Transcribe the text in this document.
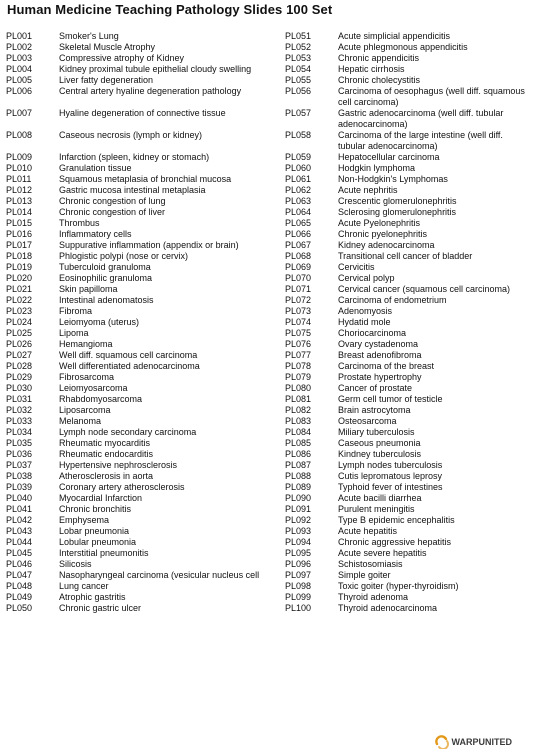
Human Medicine Teaching Pathology Slides 100 Set
PL001	Smoker's Lung
PL002	Skeletal Muscle Atrophy
PL003	Compressive atrophy of Kidney
PL004	Kidney proximal tubule epithelial cloudy swelling
PL005	Liver fatty degeneration
PL006	Central artery hyaline degeneration pathology
PL007	Hyaline degeneration of connective tissue
PL008	Caseous necrosis (lymph or kidney)
PL009	Infarction (spleen, kidney or stomach)
PL010	Granulation tissue
PL011	Squamous metaplasia of bronchial mucosa
PL012	Gastric mucosa intestinal metaplasia
PL013	Chronic congestion of lung
PL014	Chronic congestion of liver
PL015	Thrombus
PL016	Inflammatory cells
PL017	Suppurative inflammation (appendix or brain)
PL018	Phlogistic polypi (nose or cervix)
PL019	Tuberculoid granuloma
PL020	Eosinophilic granuloma
PL021	Skin papilloma
PL022	Intestinal adenomatosis
PL023	Fibroma
PL024	Leiomyoma (uterus)
PL025	Lipoma
PL026	Hemangioma
PL027	Well diff. squamous cell carcinoma
PL028	Well differentiated adenocarcinoma
PL029	Fibrosarcoma
PL030	Leiomyosarcoma
PL031	Rhabdomyosarcoma
PL032	Liposarcoma
PL033	Melanoma
PL034	Lymph node secondary carcinoma
PL035	Rheumatic myocarditis
PL036	Rheumatic endocarditis
PL037	Hypertensive nephrosclerosis
PL038	Atherosclerosis in aorta
PL039	Coronary artery atherosclerosis
PL040	Myocardial Infarction
PL041	Chronic bronchitis
PL042	Emphysema
PL043	Lobar pneumonia
PL044	Lobular pneumonia
PL045	Interstitial pneumonitis
PL046	Silicosis
PL047	Nasopharyngeal carcinoma (vesicular nucleus cell
PL048	Lung cancer
PL049	Atrophic gastritis
PL050	Chronic gastric ulcer
PL051	Acute simplicial appendicitis
PL052	Acute phlegmonous appendicitis
PL053	Chronic appendicitis
PL054	Hepatic cirrhosis
PL055	Chronic cholecystitis
PL056	Carcinoma of oesophagus (well diff. squamous
cell carcinoma)
PL057	Gastric adenocarcinoma (well diff. tubular
adenocarcinoma)
PL058	Carcinoma of the large intestine (well diff.
tubular adenocarcinoma)
PL059	Hepatocellular carcinoma
PL060	Hodgkin lymphoma
PL061	Non-Hodgkin's Lymphomas
PL062	Acute nephritis
PL063	Crescentic glomerulonephritis
PL064	Sclerosing glomerulonephritis
PL065	Acute Pyelonephritis
PL066	Chronic pyelonephritis
PL067	Kidney adenocarcinoma
PL068	Transitional cell cancer of bladder
PL069	Cervicitis
PL070	Cervical polyp
PL071	Cervical cancer (squamous cell carcinoma)
PL072	Carcinoma of endometrium
PL073	Adenomyosis
PL074	Hydatid mole
PL075	Choriocarcinoma
PL076	Ovary cystadenoma
PL077	Breast adenofibroma
PL078	Carcinoma of the breast
PL079	Prostate hypertrophy
PL080	Cancer of prostate
PL081	Germ cell tumor of testicle
PL082	Brain astrocytoma
PL083	Osteosarcoma
PL084	Miliary tuberculosis
PL085	Caseous pneumonia
PL086	Kindney tuberculosis
PL087	Lymph nodes tuberculosis
PL088	Cutis lepromatous leprosy
PL089	Typhoid fever of intestines
PL090	Acute bacilli diarrhea
PL091	Purulent meningitis
PL092	Type B epidemic encephalitis
PL093	Acute hepatitis
PL094	Chronic aggressive hepatitis
PL095	Acute severe hepatitis
PL096	Schistosomiasis
PL097	Simple goiter
PL098	Toxic goiter (hyper-thyroidism)
PL099	Thyroid adenoma
PL100	Thyroid adenocarcinoma
WARPUNITED
